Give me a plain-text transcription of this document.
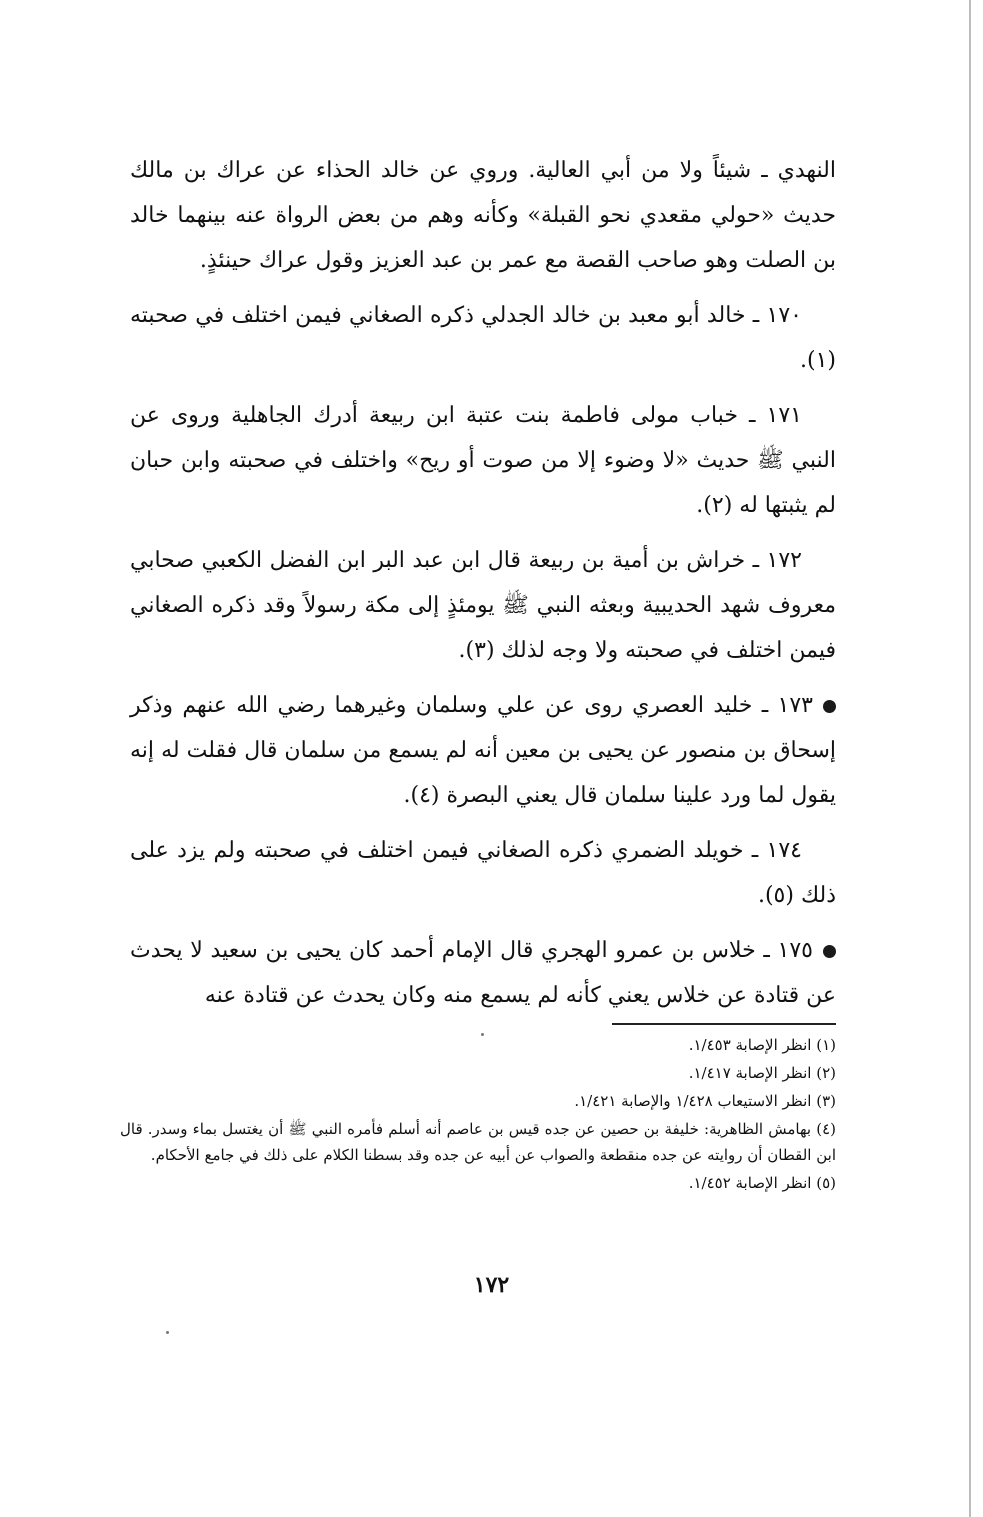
النهدي ـ شيئاً ولا من أبي العالية. وروي عن خالد الحذاء عن عراك بن مالك حديث «حولي مقعدي نحو القبلة» وكأنه وهم من بعض الرواة عنه بينهما خالد بن الصلت وهو صاحب القصة مع عمر بن عبد العزيز وقول عراك حينئذٍ.

١٧٠ ـ خالد أبو معبد بن خالد الجدلي ذكره الصغاني فيمن اختلف في صحبته (١).

١٧١ ـ خباب مولى فاطمة بنت عتبة ابن ربيعة أدرك الجاهلية وروى عن النبي ﷺ حديث «لا وضوء إلا من صوت أو ريح» واختلف في صحبته وابن حبان لم يثبتها له (٢).

١٧٢ ـ خراش بن أمية بن ربيعة قال ابن عبد البر ابن الفضل الكعبي صحابي معروف شهد الحديبية وبعثه النبي ﷺ يومئذٍ إلى مكة رسولاً وقد ذكره الصغاني فيمن اختلف في صحبته ولا وجه لذلك (٣).

١٧٣ ـ خليد العصري روى عن علي وسلمان وغيرهما رضي الله عنهم وذكر إسحاق بن منصور عن يحيى بن معين أنه لم يسمع من سلمان قال فقلت له إنه يقول لما ورد علينا سلمان قال يعني البصرة (٤).

١٧٤ ـ خويلد الضمري ذكره الصغاني فيمن اختلف في صحبته ولم يزد على ذلك (٥).

١٧٥ ـ خلاس بن عمرو الهجري قال الإمام أحمد كان يحيى بن سعيد لا يحدث عن قتادة عن خلاس يعني كأنه لم يسمع منه وكان يحدث عن قتادة عنه

(١) انظر الإصابة ١/٤٥٣.

(٢) انظر الإصابة ١/٤١٧.

(٣) انظر الاستيعاب ١/٤٢٨ والإصابة ١/٤٢١.

(٤) بهامش الظاهرية: خليفة بن حصين عن جده قيس بن عاصم أنه أسلم فأمره النبي ﷺ أن يغتسل بماء وسدر. قال ابن القطان أن روايته عن جده منقطعة والصواب عن أبيه عن جده وقد بسطنا الكلام على ذلك في جامع الأحكام.

(٥) انظر الإصابة ١/٤٥٢.

١٧٢
